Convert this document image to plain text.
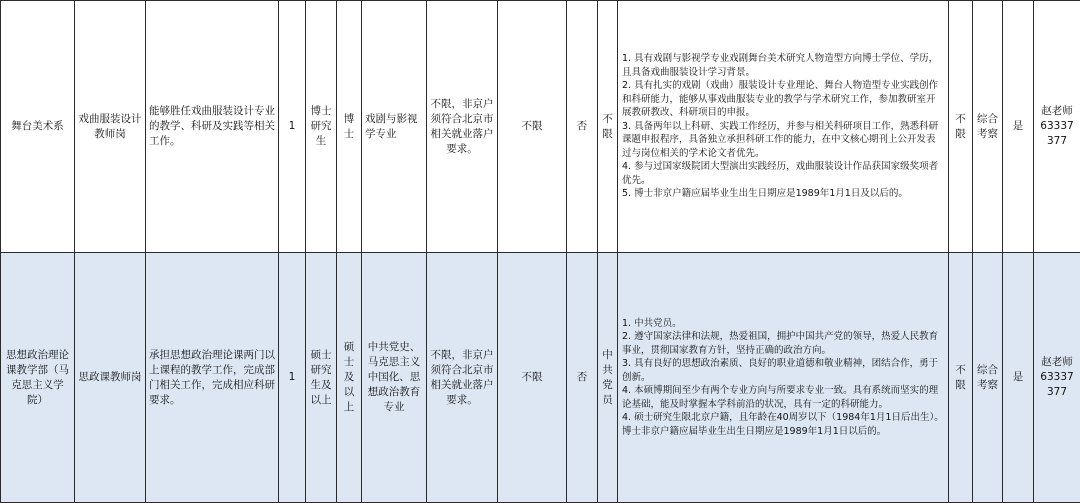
舞台美术系	戏曲服装设计教师岗	能够胜任戏曲服装设计专业的教学、科研及实践等相关工作。	1	博士研究生	博士	戏剧与影视学专业	不限，非京户须符合北京市相关就业落户要求。	不限	否	不限	1. 具有戏剧与影视学专业戏剧舞台美术研究人物造型方向博士学位、学历，且具备戏曲服装设计学习背景。
2. 具有扎实的戏剧（戏曲）服装设计专业理论、舞台人物造型专业实践创作和科研能力，能够从事戏曲服装专业的教学与学术研究工作，参加教研室开展教研教改、科研项目的申报。
3. 具备两年以上科研、实践工作经历，并参与相关科研项目工作，熟悉科研课题申报程序，具备独立承担科研工作的能力，在中文核心期刊上公开发表过与岗位相关的学术论文者优先。
4. 参与过国家级院团大型演出实践经历，戏曲服装设计作品获国家级奖项者优先。
5. 博士非京户籍应届毕业生出生日期应是1989年1月1日及以后的。	不限	综合考察	是	赵老师
63337377

思想政治理论课教学部（马克思主义学院）	思政课教师岗	承担思想政治理论课两门以上课程的教学工作，完成部门相关工作，完成相应科研要求。	1	硕士研究生及以上	硕士及以上	中共党史、马克思主义中国化、思想政治教育专业	不限，非京户须符合北京市相关就业落户要求。	不限	否	中共党员	1. 中共党员。
2. 遵守国家法律和法规，热爱祖国，拥护中国共产党的领导，热爱人民教育事业，贯彻国家教育方针，坚持正确的政治方向。
3. 具有良好的思想政治素质、良好的职业道德和敬业精神，团结合作，勇于创新。
4. 本硕博期间至少有两个专业方向与所要求专业一致。具有系统而坚实的理论基础，能及时掌握本学科前沿的状况，具有一定的科研能力。
4. 硕士研究生限北京户籍，且年龄在40周岁以下（1984年1月1日后出生）。博士非京户籍应届毕业生出生日期应是1989年1月1日以后的。	不限	综合考察	是	赵老师
63337377
